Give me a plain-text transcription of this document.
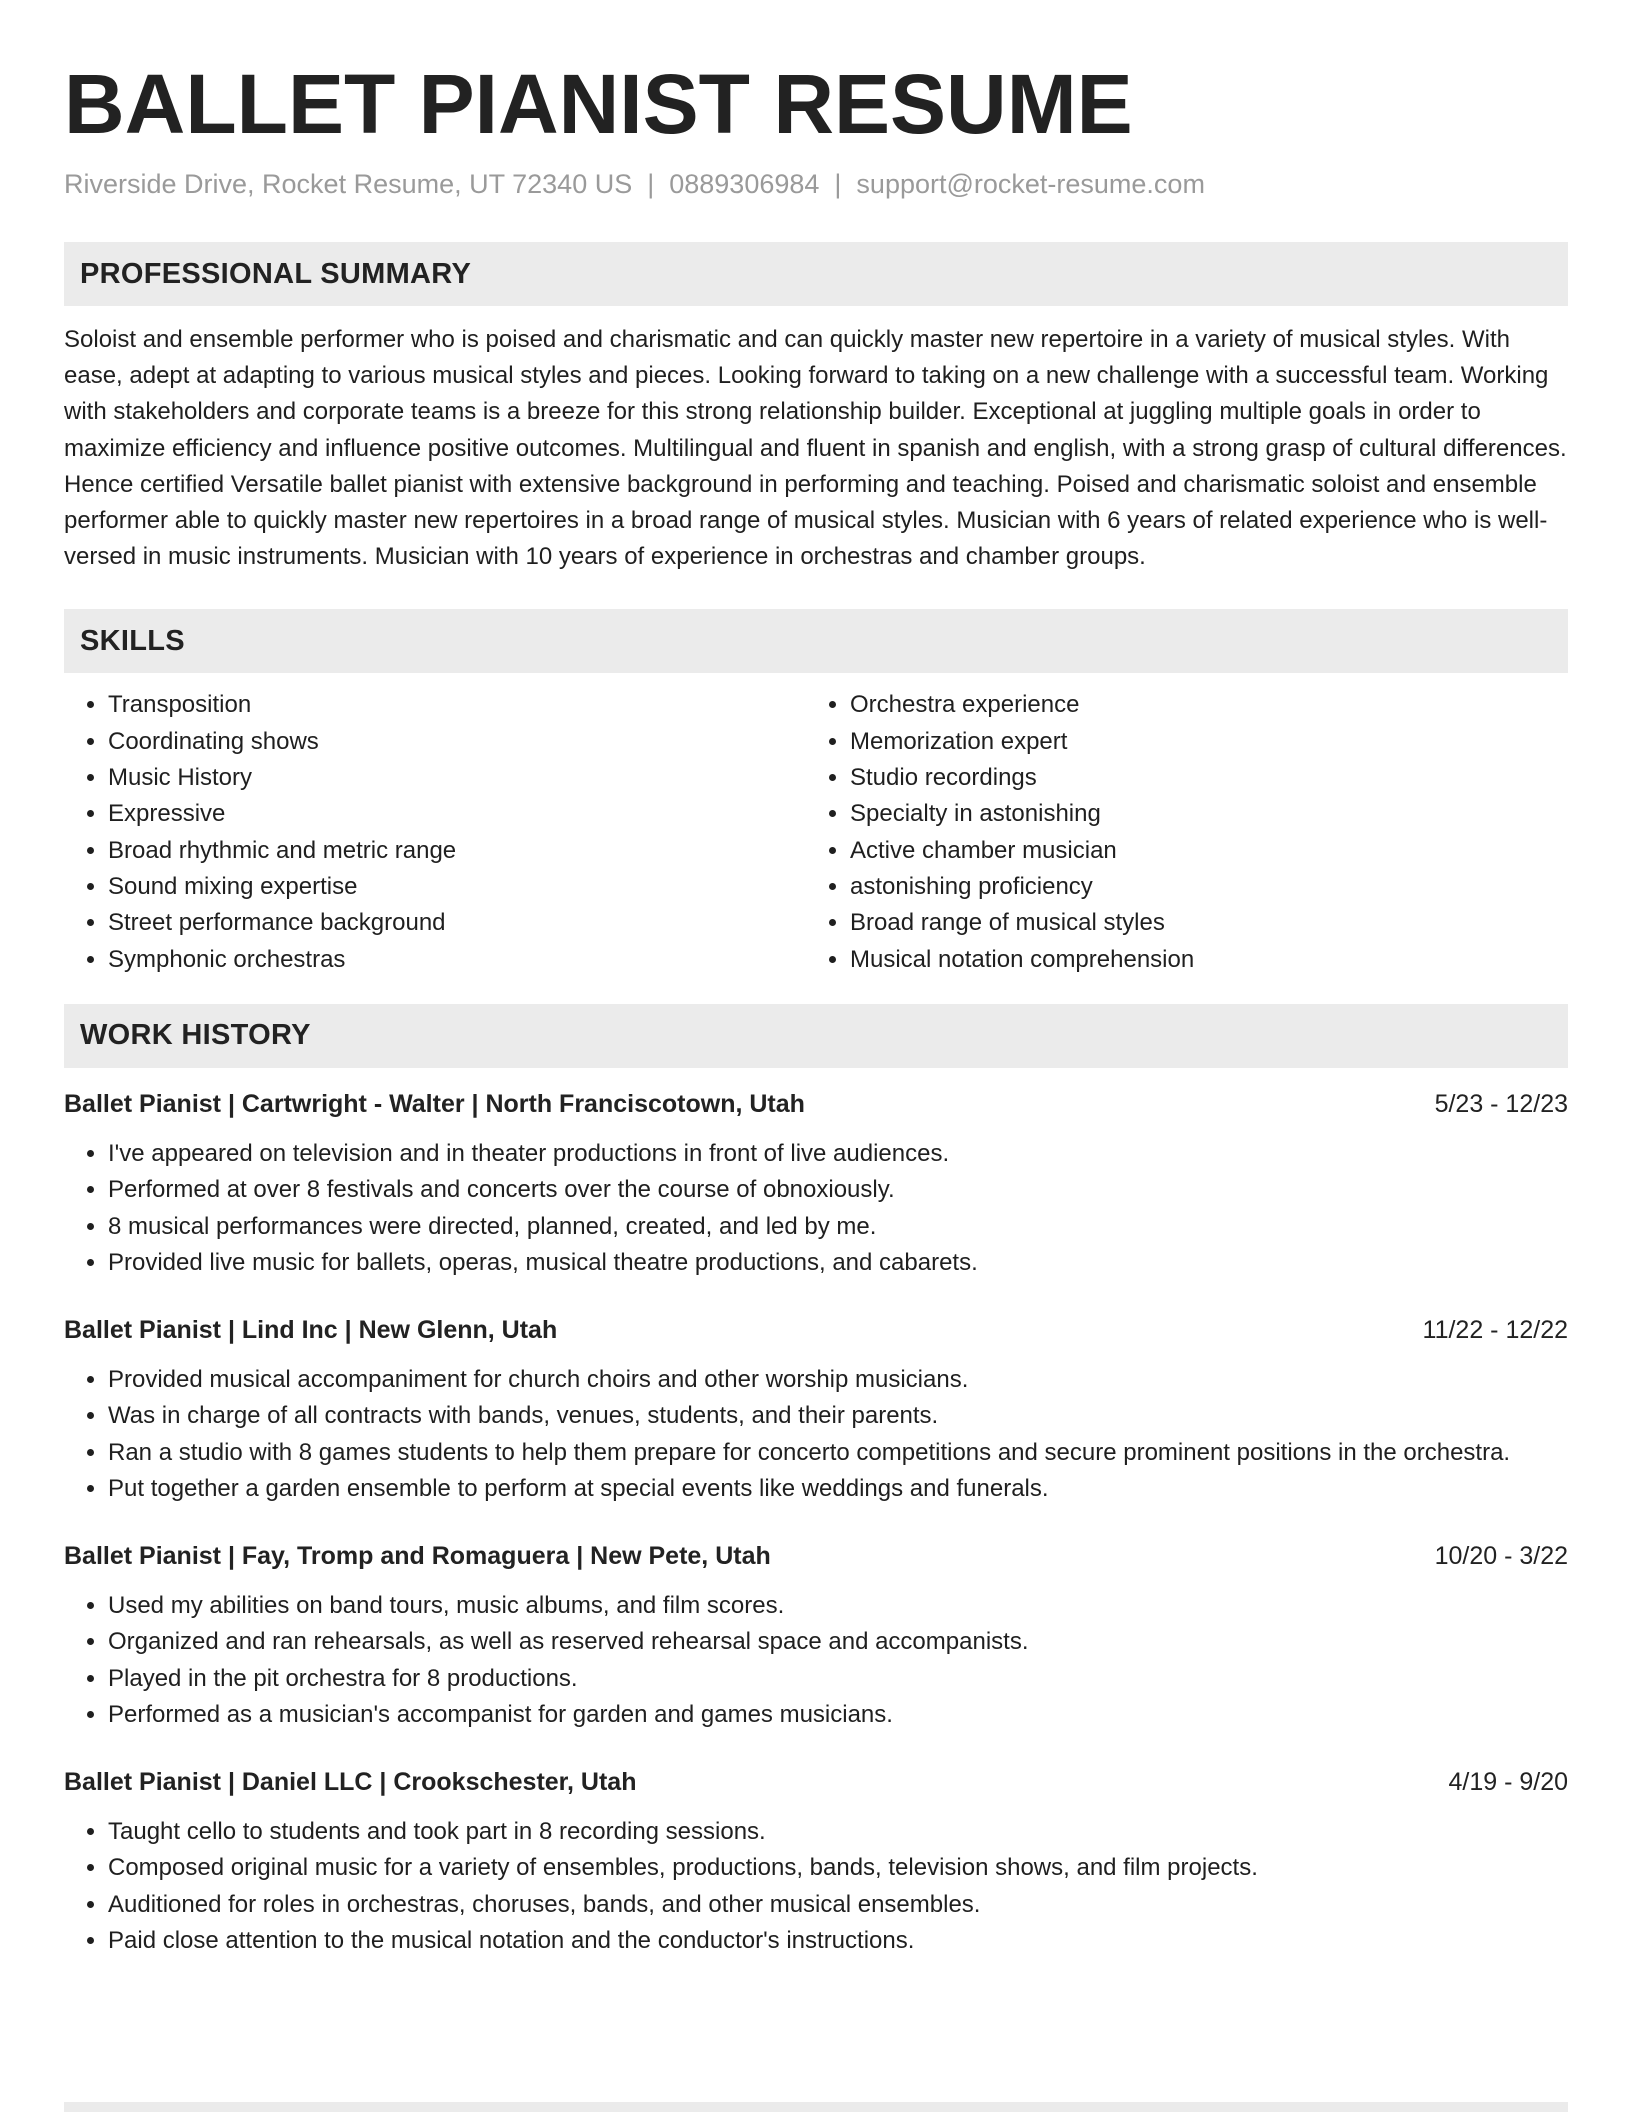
BALLET PIANIST RESUME
Riverside Drive, Rocket Resume, UT 72340 US | 0889306984 | support@rocket-resume.com
PROFESSIONAL SUMMARY

Soloist and ensemble performer who is poised and charismatic and can quickly master new repertoire in a variety of musical styles. With ease, adept at adapting to various musical styles and pieces. Looking forward to taking on a new challenge with a successful team. Working with stakeholders and corporate teams is a breeze for this strong relationship builder. Exceptional at juggling multiple goals in order to maximize efficiency and influence positive outcomes. Multilingual and fluent in spanish and english, with a strong grasp of cultural differences. Hence certified Versatile ballet pianist with extensive background in performing and teaching. Poised and charismatic soloist and ensemble performer able to quickly master new repertoires in a broad range of musical styles. Musician with 6 years of related experience who is well-versed in music instruments. Musician with 10 years of experience in orchestras and chamber groups.

SKILLS
• Transposition
• Coordinating shows
• Music History
• Expressive
• Broad rhythmic and metric range
• Sound mixing expertise
• Street performance background
• Symphonic orchestras
• Orchestra experience
• Memorization expert
• Studio recordings
• Specialty in astonishing
• Active chamber musician
• astonishing proficiency
• Broad range of musical styles
• Musical notation comprehension
WORK HISTORY
Ballet Pianist | Cartwright - Walter | North Franciscotown, Utah	5/23 - 12/23
• I've appeared on television and in theater productions in front of live audiences.
• Performed at over 8 festivals and concerts over the course of obnoxiously.
• 8 musical performances were directed, planned, created, and led by me.
• Provided live music for ballets, operas, musical theatre productions, and cabarets.
Ballet Pianist | Lind Inc | New Glenn, Utah	11/22 - 12/22
• Provided musical accompaniment for church choirs and other worship musicians.
• Was in charge of all contracts with bands, venues, students, and their parents.
• Ran a studio with 8 games students to help them prepare for concerto competitions and secure prominent positions in the orchestra.
• Put together a garden ensemble to perform at special events like weddings and funerals.
Ballet Pianist | Fay, Tromp and Romaguera | New Pete, Utah	10/20 - 3/22
• Used my abilities on band tours, music albums, and film scores.
• Organized and ran rehearsals, as well as reserved rehearsal space and accompanists.
• Played in the pit orchestra for 8 productions.
• Performed as a musician's accompanist for garden and games musicians.
Ballet Pianist | Daniel LLC | Crookschester, Utah	4/19 - 9/20
• Taught cello to students and took part in 8 recording sessions.
• Composed original music for a variety of ensembles, productions, bands, television shows, and film projects.
• Auditioned for roles in orchestras, choruses, bands, and other musical ensembles.
• Paid close attention to the musical notation and the conductor's instructions.
